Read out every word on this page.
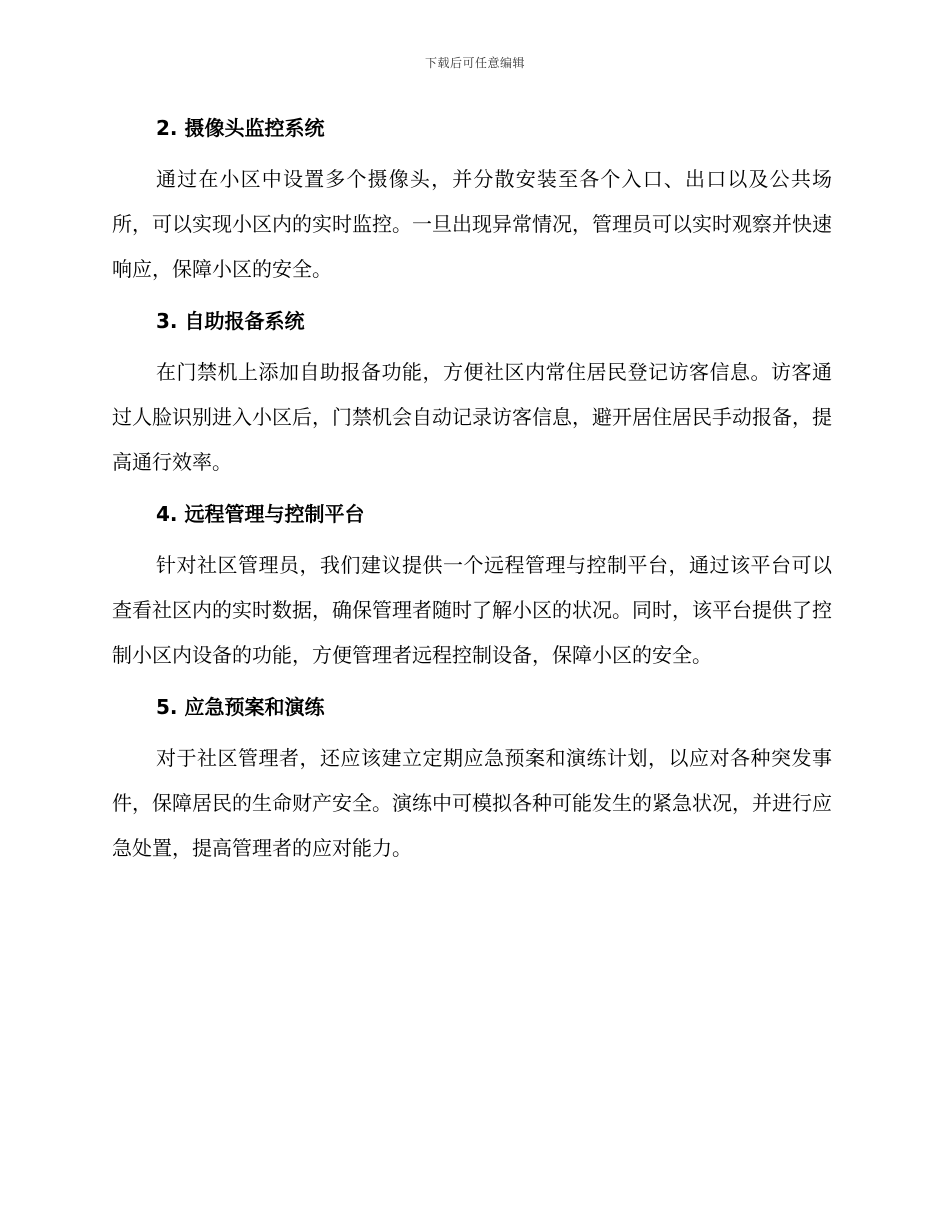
下载后可任意编辑
2. 摄像头监控系统

通过在小区中设置多个摄像头，并分散安装至各个入口、出口以及公共场所，可以实现小区内的实时监控。一旦出现异常情况，管理员可以实时观察并快速响应，保障小区的安全。

3. 自助报备系统

在门禁机上添加自助报备功能，方便社区内常住居民登记访客信息。访客通过人脸识别进入小区后，门禁机会自动记录访客信息，避开居住居民手动报备，提高通行效率。

4. 远程管理与控制平台

针对社区管理员，我们建议提供一个远程管理与控制平台，通过该平台可以查看社区内的实时数据，确保管理者随时了解小区的状况。同时，该平台提供了控制小区内设备的功能，方便管理者远程控制设备，保障小区的安全。

5. 应急预案和演练

对于社区管理者，还应该建立定期应急预案和演练计划，以应对各种突发事件，保障居民的生命财产安全。演练中可模拟各种可能发生的紧急状况，并进行应急处置，提高管理者的应对能力。
